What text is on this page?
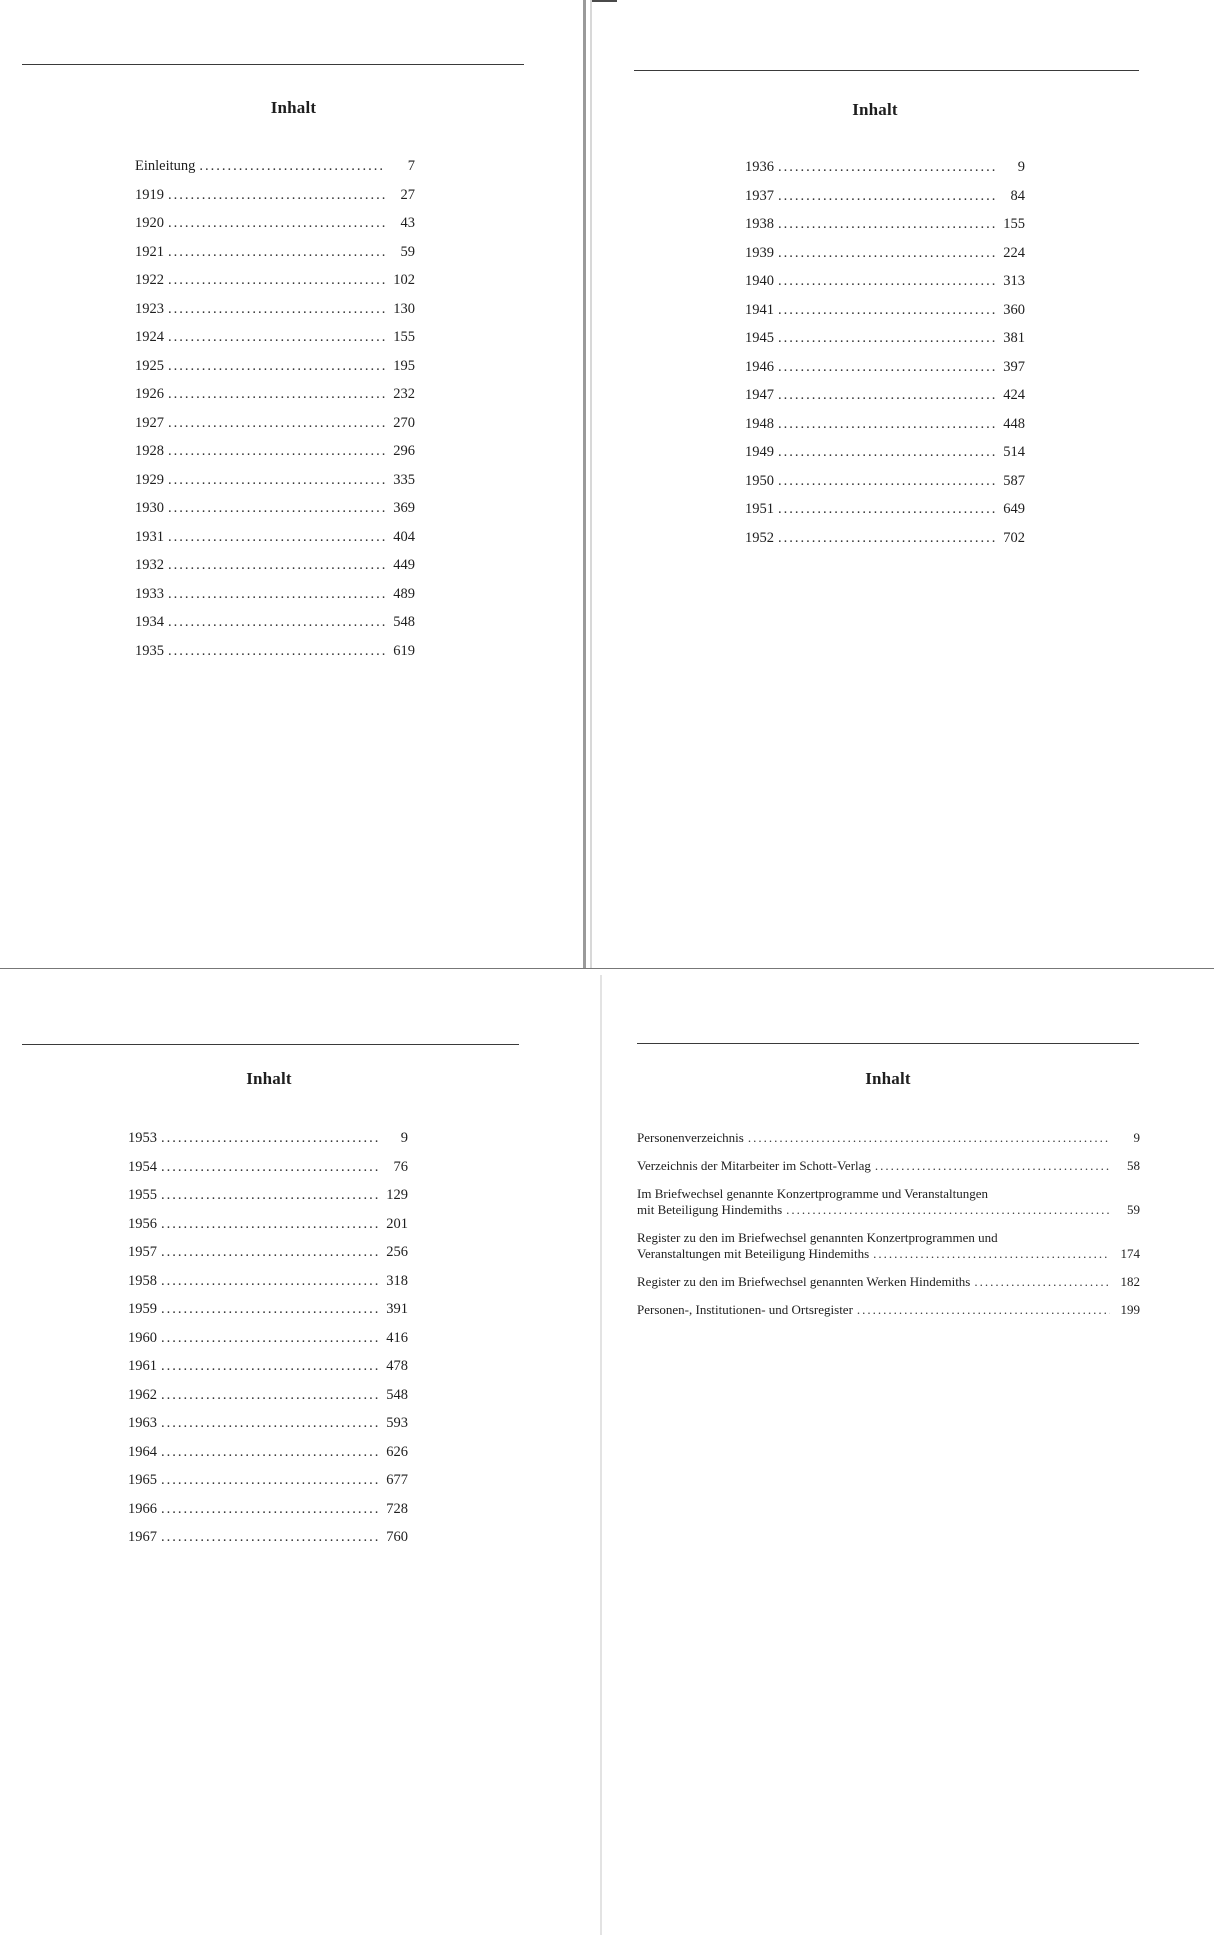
Inhalt
Einleitung .....	7
1919 .....	27
1920 .....	43
1921 .....	59
1922 .....	102
1923 .....	130
1924 .....	155
1925 .....	195
1926 .....	232
1927 .....	270
1928 .....	296
1929 .....	335
1930 .....	369
1931 .....	404
1932 .....	449
1933 .....	489
1934 .....	548
1935 .....	619
Inhalt
1936 .....	9
1937 .....	84
1938 .....	155
1939 .....	224
1940 .....	313
1941 .....	360
1945 .....	381
1946 .....	397
1947 .....	424
1948 .....	448
1949 .....	514
1950 .....	587
1951 .....	649
1952 .....	702
Inhalt
1953 .....	9
1954 .....	76
1955 .....	129
1956 .....	201
1957 .....	256
1958 .....	318
1959 .....	391
1960 .....	416
1961 .....	478
1962 .....	548
1963 .....	593
1964 .....	626
1965 .....	677
1966 .....	728
1967 .....	760
Inhalt
Personenverzeichnis .....	9
Verzeichnis der Mitarbeiter im Schott-Verlag .....	58
Im Briefwechsel genannte Konzertprogramme und Veranstaltungen
mit Beteiligung Hindemiths .....	59
Register zu den im Briefwechsel genannten Konzertprogrammen und
Veranstaltungen mit Beteiligung Hindemiths .....	174
Register zu den im Briefwechsel genannten Werken Hindemiths .....	182
Personen-, Institutionen- und Ortsregister .....	199
